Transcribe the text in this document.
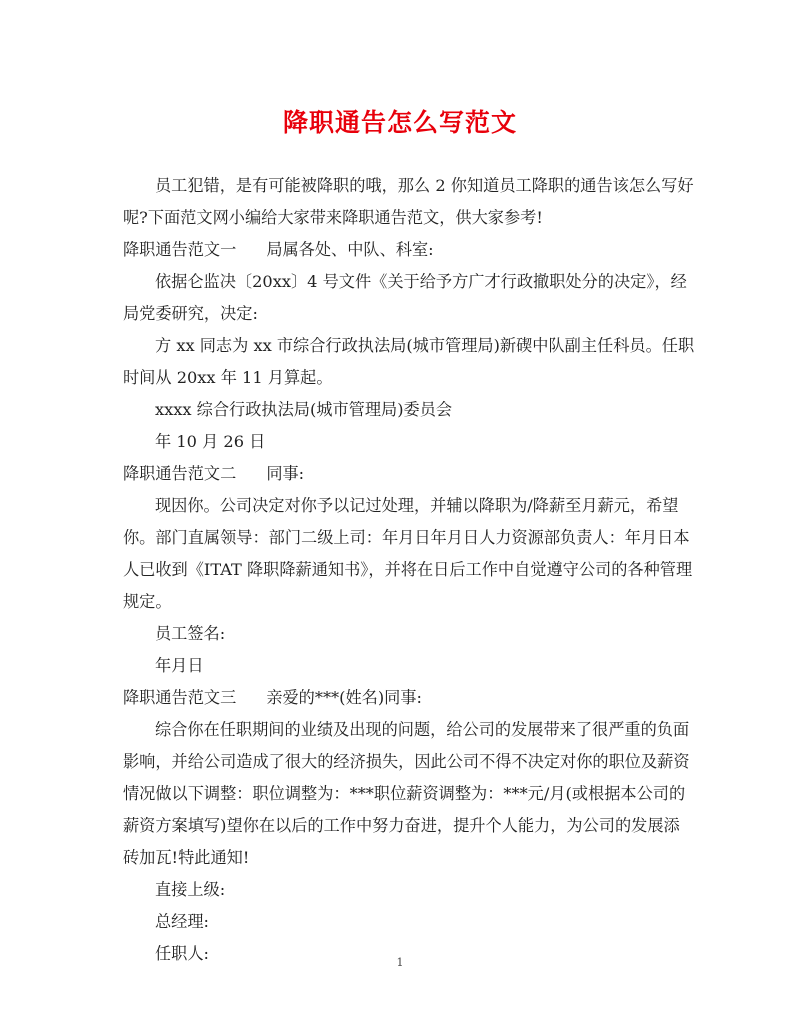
降职通告怎么写范文
员工犯错，是有可能被降职的哦，那么 2 你知道员工降职的通告该怎么写好
呢?下面范文网小编给大家带来降职通告范文，供大家参考!
降职通告范文一 局属各处、中队、科室:
依据仑监决〔20xx〕4 号文件《关于给予方广才行政撤职处分的决定》，经
局党委研究，决定:
方 xx 同志为 xx 市综合行政执法局(城市管理局)新碶中队副主任科员。任职
时间从 20xx 年 11 月算起。
xxxx 综合行政执法局(城市管理局)委员会
年 10 月 26 日
降职通告范文二 同事:
现因你。公司决定对你予以记过处理，并辅以降职为/降薪至月薪元，希望
你。部门直属领导：部门二级上司：年月日年月日人力资源部负责人：年月日本
人已收到《ITAT 降职降薪通知书》，并将在日后工作中自觉遵守公司的各种管理
规定。
员工签名:
年月日
降职通告范文三 亲爱的***(姓名)同事:
综合你在任职期间的业绩及出现的问题，给公司的发展带来了很严重的负面
影响，并给公司造成了很大的经济损失，因此公司不得不决定对你的职位及薪资
情况做以下调整：职位调整为：***职位薪资调整为：***元/月(或根据本公司的
薪资方案填写)望你在以后的工作中努力奋进，提升个人能力，为公司的发展添
砖加瓦!特此通知!
直接上级:
总经理:
任职人:	1
